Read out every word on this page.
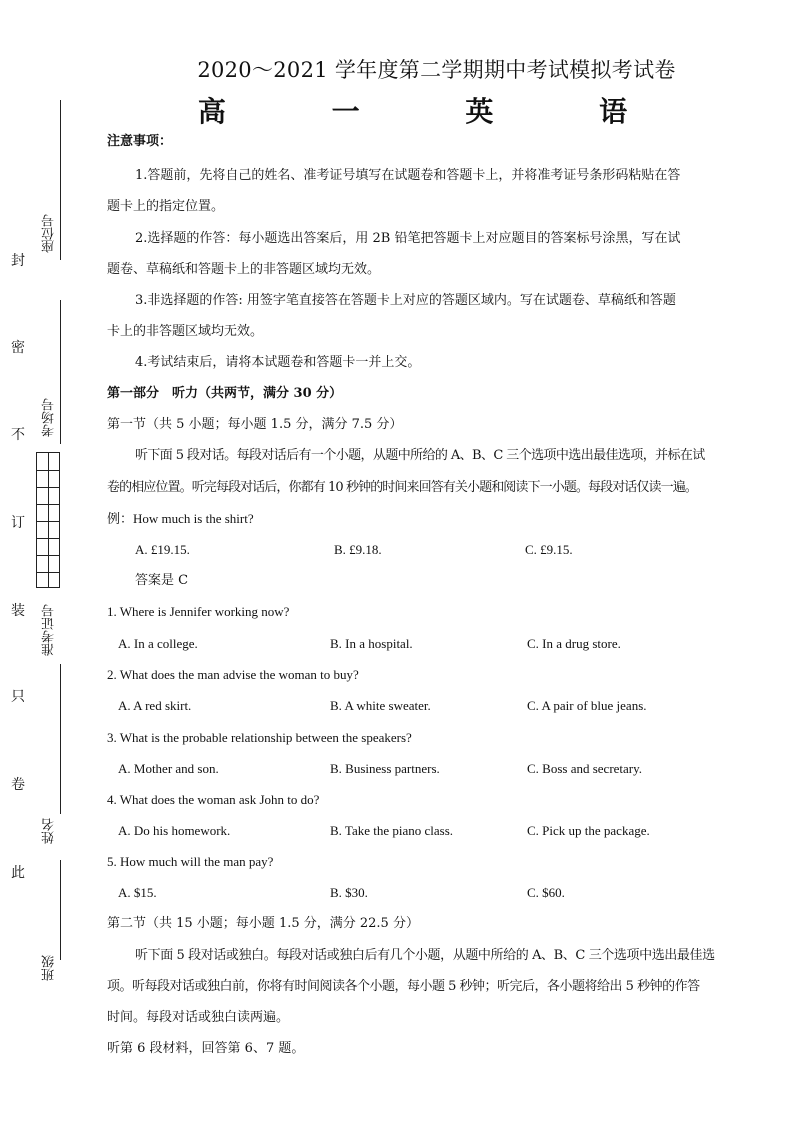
封
密
不
订
装
只
卷
此
座位号
考场号
准考证号
姓名
班级
2020～2021 学年度第二学期期中考试模拟考试卷
高 一 英 语
注意事项：
1.答题前，先将自己的姓名、准考证号填写在试题卷和答题卡上，并将准考证号条形码粘贴在答
题卡上的指定位置。
2.选择题的作答：每小题选出答案后，用 2B 铅笔把答题卡上对应题目的答案标号涂黑，写在试
题卷、草稿纸和答题卡上的非答题区域均无效。
3.非选择题的作答: 用签字笔直接答在答题卡上对应的答题区域内。写在试题卷、草稿纸和答题
卡上的非答题区域均无效。
4.考试结束后，请将本试题卷和答题卡一并上交。
第一部分　听力（共两节，满分 30 分）
第一节（共 5 小题；每小题 1.5 分，满分 7.5 分）
听下面 5 段对话。每段对话后有一个小题，从题中所给的 A、B、C 三个选项中选出最佳选项，并标在试
卷的相应位置。听完每段对话后，你都有 10 秒钟的时间来回答有关小题和阅读下一小题。每段对话仅读一遍。
例：How much is the shirt?
A. £19.15.	B. £9.18.	C. £9.15.
答案是 C
1. Where is Jennifer working now?
A. In a college.	B. In a hospital.	C. In a drug store.
2. What does the man advise the woman to buy?
A. A red skirt.	B. A white sweater.	C. A pair of blue jeans.
3. What is the probable relationship between the speakers?
A. Mother and son.	B. Business partners.	C. Boss and secretary.
4. What does the woman ask John to do?
A. Do his homework.	B. Take the piano class.	C. Pick up the package.
5. How much will the man pay?
A. $15.	B. $30.	C. $60.
第二节（共 15 小题；每小题 1.5 分，满分 22.5 分）
听下面 5 段对话或独白。每段对话或独白后有几个小题，从题中所给的 A、B、C 三个选项中选出最佳选
项。听每段对话或独白前，你将有时间阅读各个小题，每小题 5 秒钟；听完后，各小题将给出 5 秒钟的作答
时间。每段对话或独白读两遍。
听第 6 段材料，回答第 6、7 题。
